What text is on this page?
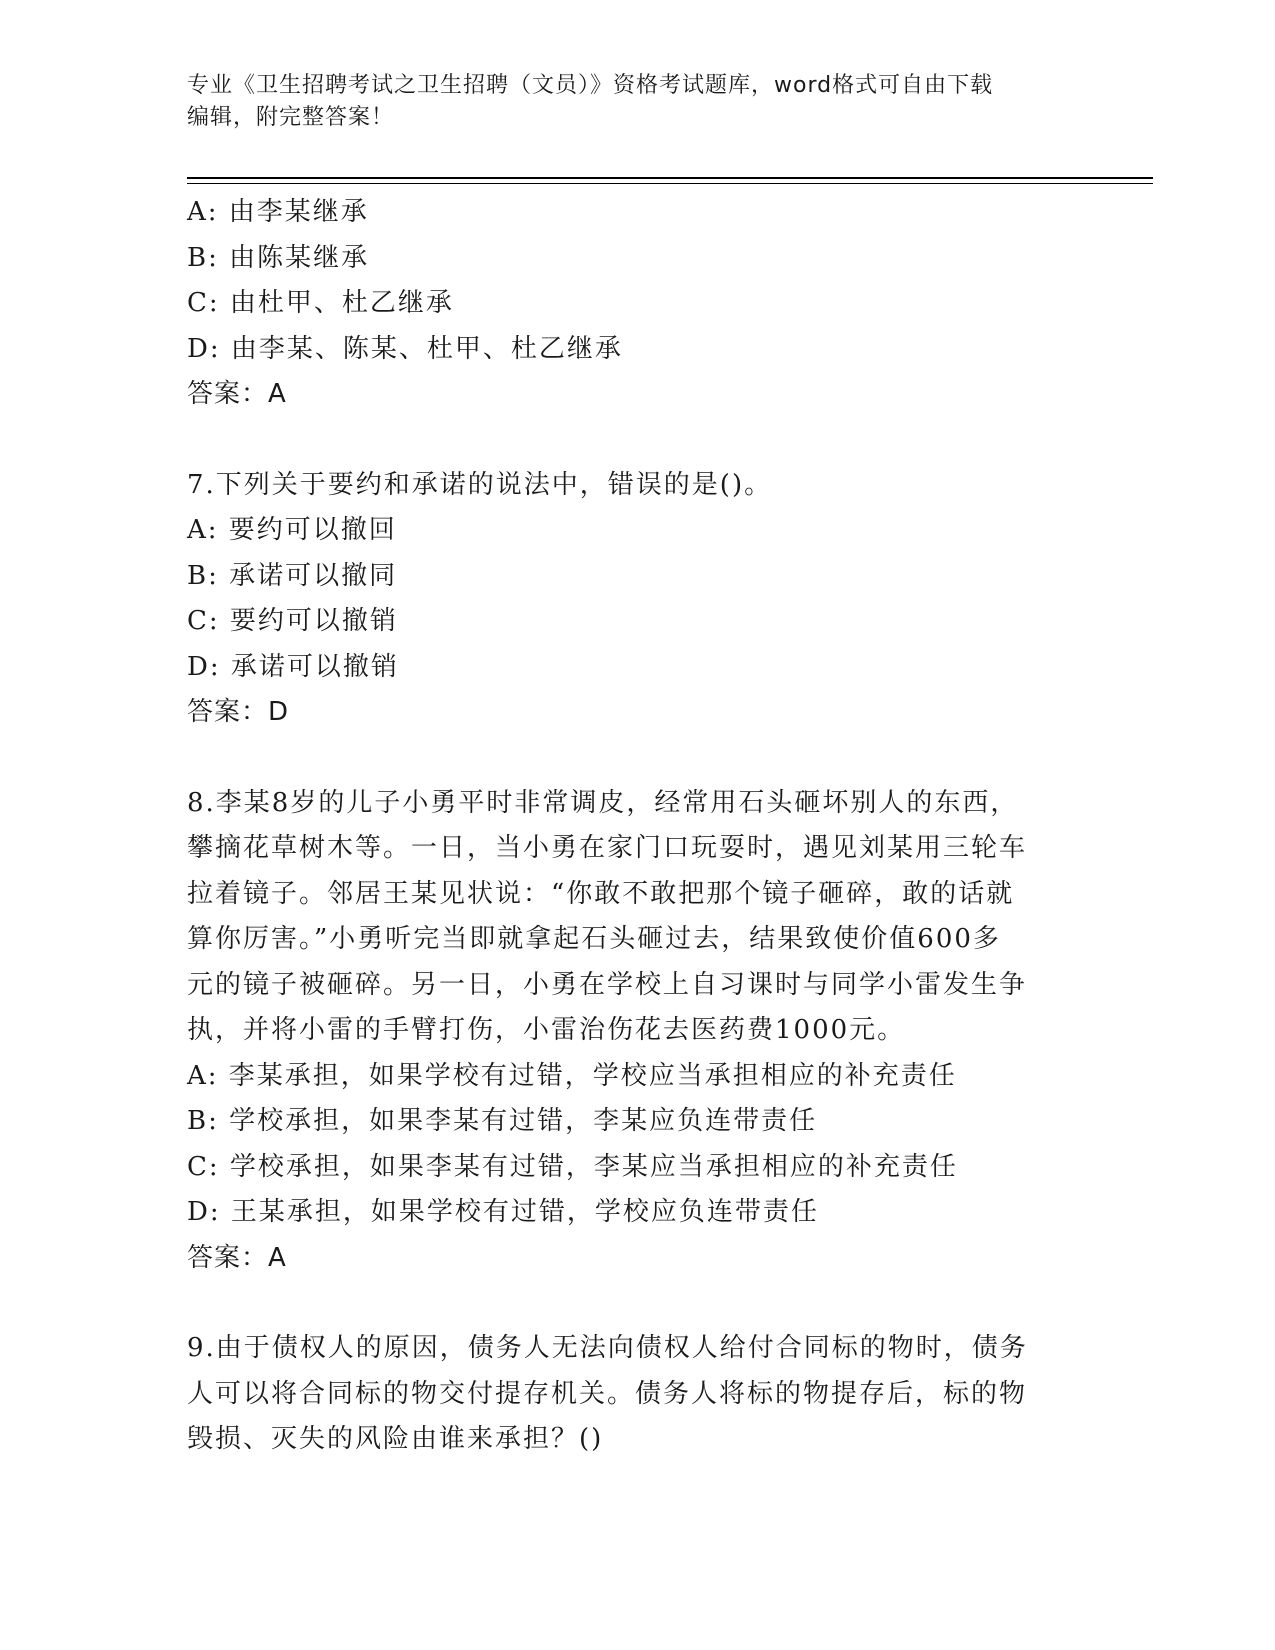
专业《卫生招聘考试之卫生招聘（文员）》资格考试题库，word格式可自由下载
编辑，附完整答案！
A: 由李某继承
B: 由陈某继承
C: 由杜甲、杜乙继承
D: 由李某、陈某、杜甲、杜乙继承
答案：A
7.下列关于要约和承诺的说法中，错误的是()。
A: 要约可以撤回
B: 承诺可以撤同
C: 要约可以撤销
D: 承诺可以撤销
答案：D
8.李某8岁的儿子小勇平时非常调皮，经常用石头砸坏别人的东西，
攀摘花草树木等。一日，当小勇在家门口玩耍时，遇见刘某用三轮车
拉着镜子。邻居王某见状说：“你敢不敢把那个镜子砸碎，敢的话就
算你厉害。”小勇听完当即就拿起石头砸过去，结果致使价值600多
元的镜子被砸碎。另一日，小勇在学校上自习课时与同学小雷发生争
执，并将小雷的手臂打伤，小雷治伤花去医药费1000元。
A: 李某承担，如果学校有过错，学校应当承担相应的补充责任
B: 学校承担，如果李某有过错，李某应负连带责任
C: 学校承担，如果李某有过错，李某应当承担相应的补充责任
D: 王某承担，如果学校有过错，学校应负连带责任
答案：A
9.由于债权人的原因，债务人无法向债权人给付合同标的物时，债务
人可以将合同标的物交付提存机关。债务人将标的物提存后，标的物
毁损、灭失的风险由谁来承担？()
